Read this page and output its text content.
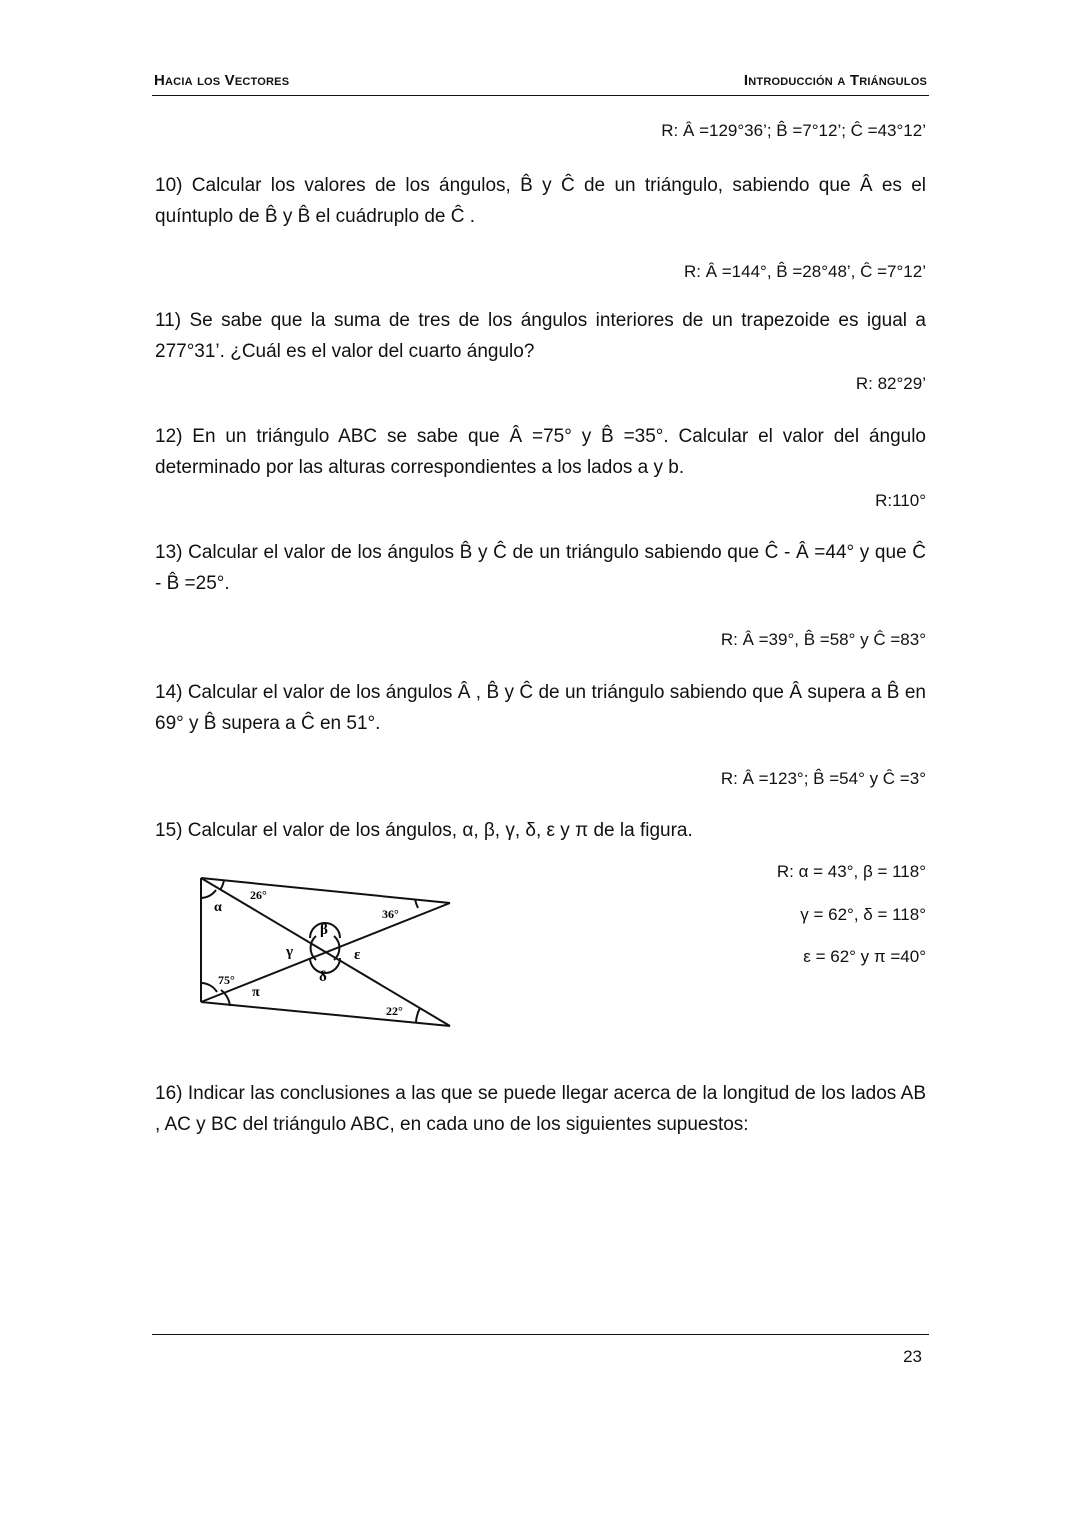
Hacia los Vectores	Introducción a Triángulos
R: Â =129°36’; B̂ =7°12’; Ĉ =43°12’
10) Calcular los valores de los ángulos, B̂ y Ĉ de un triángulo, sabiendo que Â es el quíntuplo de B̂ y B̂ el cuádruplo de Ĉ .
R: Â =144°, B̂ =28°48’, Ĉ =7°12’
11) Se sabe que la suma de tres de los ángulos interiores de un trapezoide es igual a 277°31’. ¿Cuál es el valor del cuarto ángulo?
R: 82°29’
12) En un triángulo ABC se sabe que Â =75° y B̂ =35°. Calcular el valor del ángulo determinado por las alturas correspondientes a los lados a y b.
R:110°
13) Calcular el valor de los ángulos B̂ y Ĉ de un triángulo sabiendo que Ĉ - Â =44° y que Ĉ - B̂ =25°.
R: Â =39°, B̂ =58° y Ĉ =83°
14) Calcular el valor de los ángulos Â , B̂ y Ĉ de un triángulo sabiendo que Â supera a B̂ en 69° y B̂ supera a Ĉ en 51°.
R: Â =123°; B̂ =54° y Ĉ =3°
15) Calcular el valor de los ángulos, α, β, γ, δ, ε y π de la figura.
R: α = 43°, β = 118°
γ = 62°, δ = 118°
ε = 62° y π =40°
α
26°
36°
β
γ	ε
δ
75°
π
22°
16) Indicar las conclusiones a las que se puede llegar acerca de la longitud de los lados AB , AC y BC del triángulo ABC, en cada uno de los siguientes supuestos:
23
